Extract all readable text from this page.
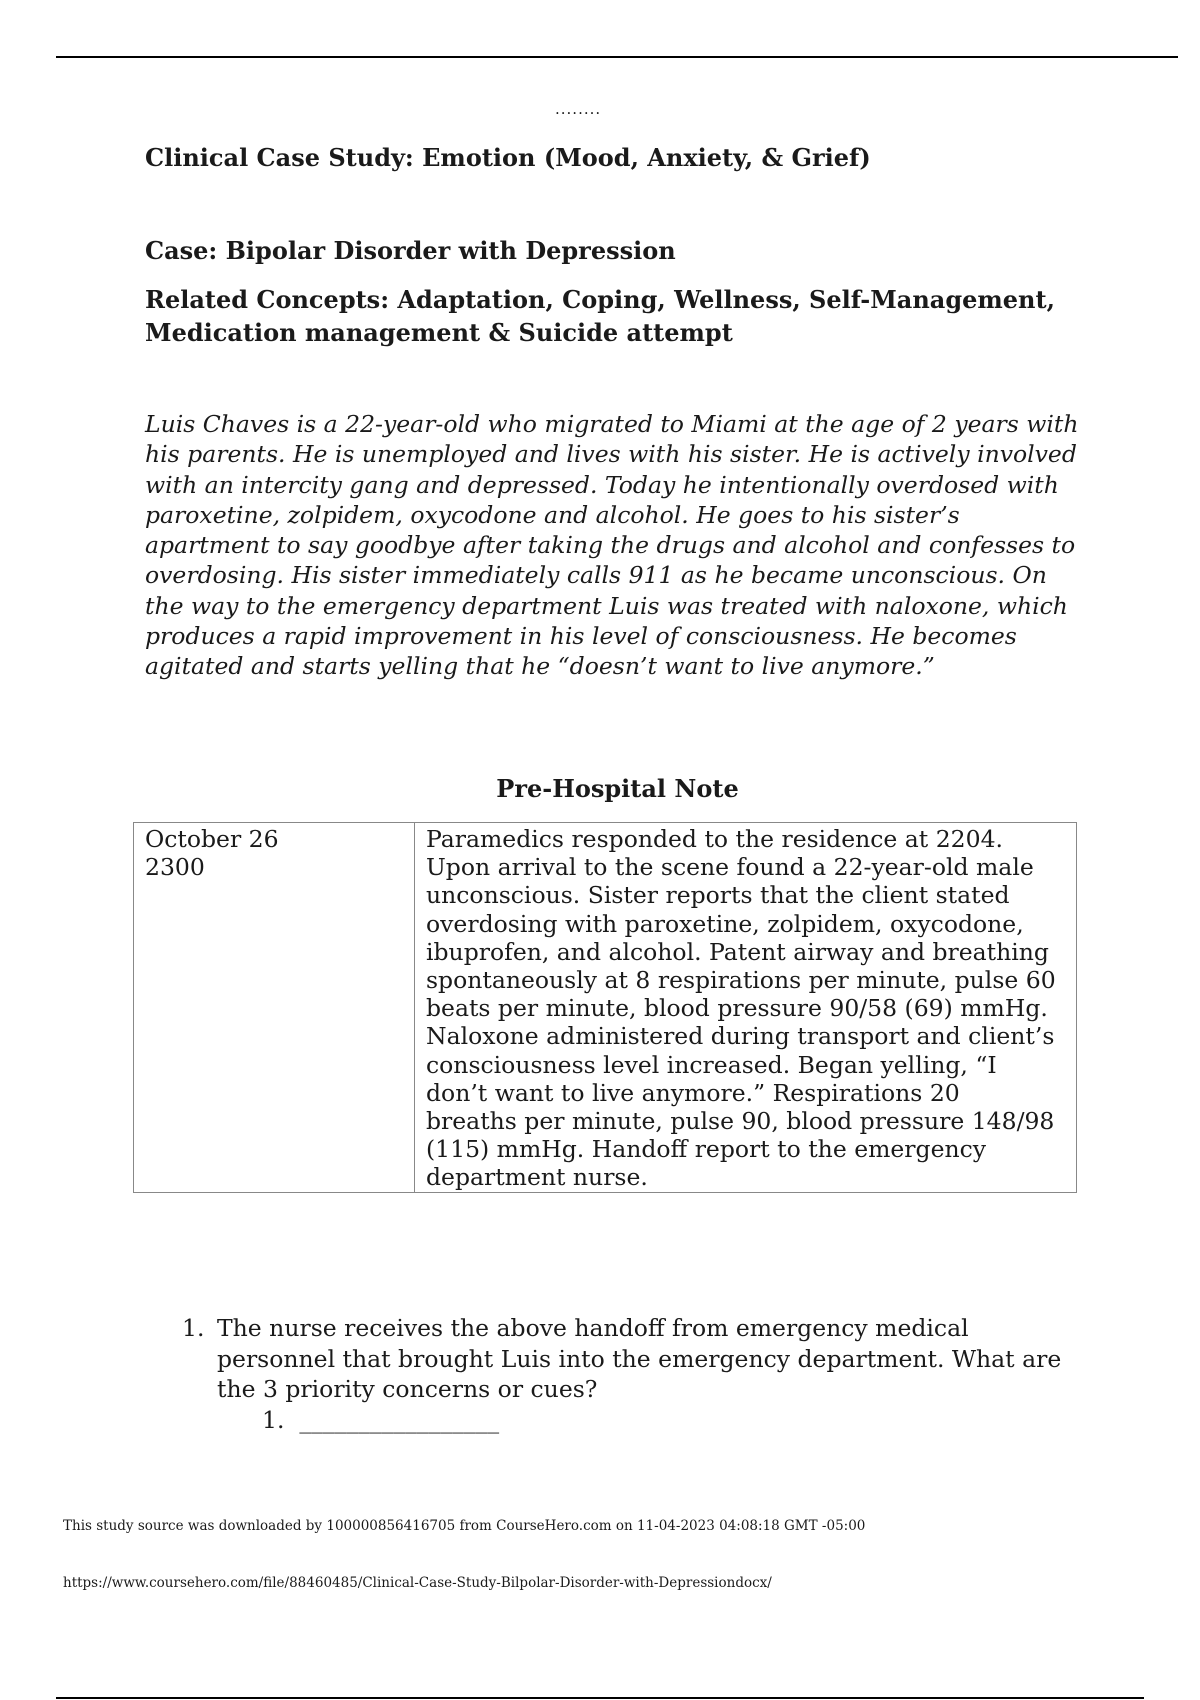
........
Clinical Case Study: Emotion (Mood, Anxiety, & Grief)
Case: Bipolar Disorder with Depression
Related Concepts: Adaptation, Coping, Wellness, Self-Management, Medication management & Suicide attempt

Luis Chaves is a 22-year-old who migrated to Miami at the age of 2 years with his parents. He is unemployed and lives with his sister. He is actively involved with an intercity gang and depressed. Today he intentionally overdosed with paroxetine, zolpidem, oxycodone and alcohol. He goes to his sister’s apartment to say goodbye after taking the drugs and alcohol and confesses to overdosing. His sister immediately calls 911 as he became unconscious. On the way to the emergency department Luis was treated with naloxone, which produces a rapid improvement in his level of consciousness. He becomes agitated and starts yelling that he “doesn’t want to live anymore.”

Pre-Hospital Note
October 26
2300
	Paramedics responded to the residence at 2204. Upon arrival to the scene found a 22-year-old male unconscious. Sister reports that the client stated overdosing with paroxetine, zolpidem, oxycodone, ibuprofen, and alcohol. Patent airway and breathing spontaneously at 8 respirations per minute, pulse 60 beats per minute, blood pressure 90/58 (69) mmHg. Naloxone administered during transport and client’s consciousness level increased. Began yelling, “I don’t want to live anymore.” Respirations 20 breaths per minute, pulse 90, blood pressure 148/98 (115) mmHg. Handoff report to the emergency department nurse.
1. The nurse receives the above handoff from emergency medical personnel that brought Luis into the emergency department. What are the 3 priority concerns or cues?
1. _________________
This study source was downloaded by 100000856416705 from CourseHero.com on 11-04-2023 04:08:18 GMT -05:00
https://www.coursehero.com/file/88460485/Clinical-Case-Study-Bilpolar-Disorder-with-Depressiondocx/
